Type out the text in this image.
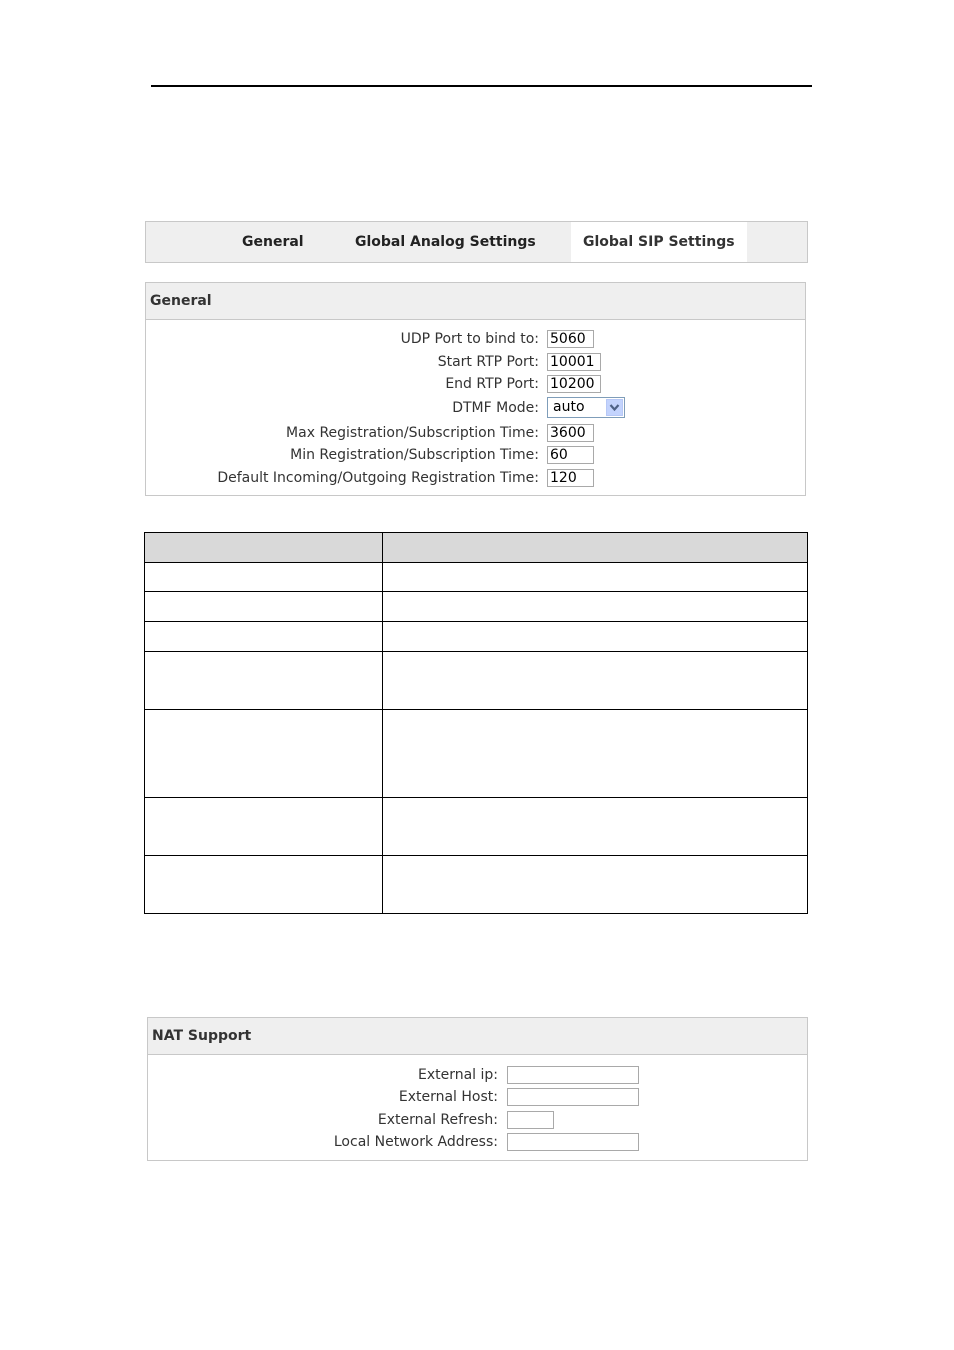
General	Global Analog Settings	Global SIP Settings
General
UDP Port to bind to: 5060
Start RTP Port: 10001
End RTP Port: 10200
DTMF Mode: auto
Max Registration/Subscription Time: 3600
Min Registration/Subscription Time: 60
Default Incoming/Outgoing Registration Time: 120

NAT Support
External ip:
External Host:
External Refresh:
Local Network Address:
